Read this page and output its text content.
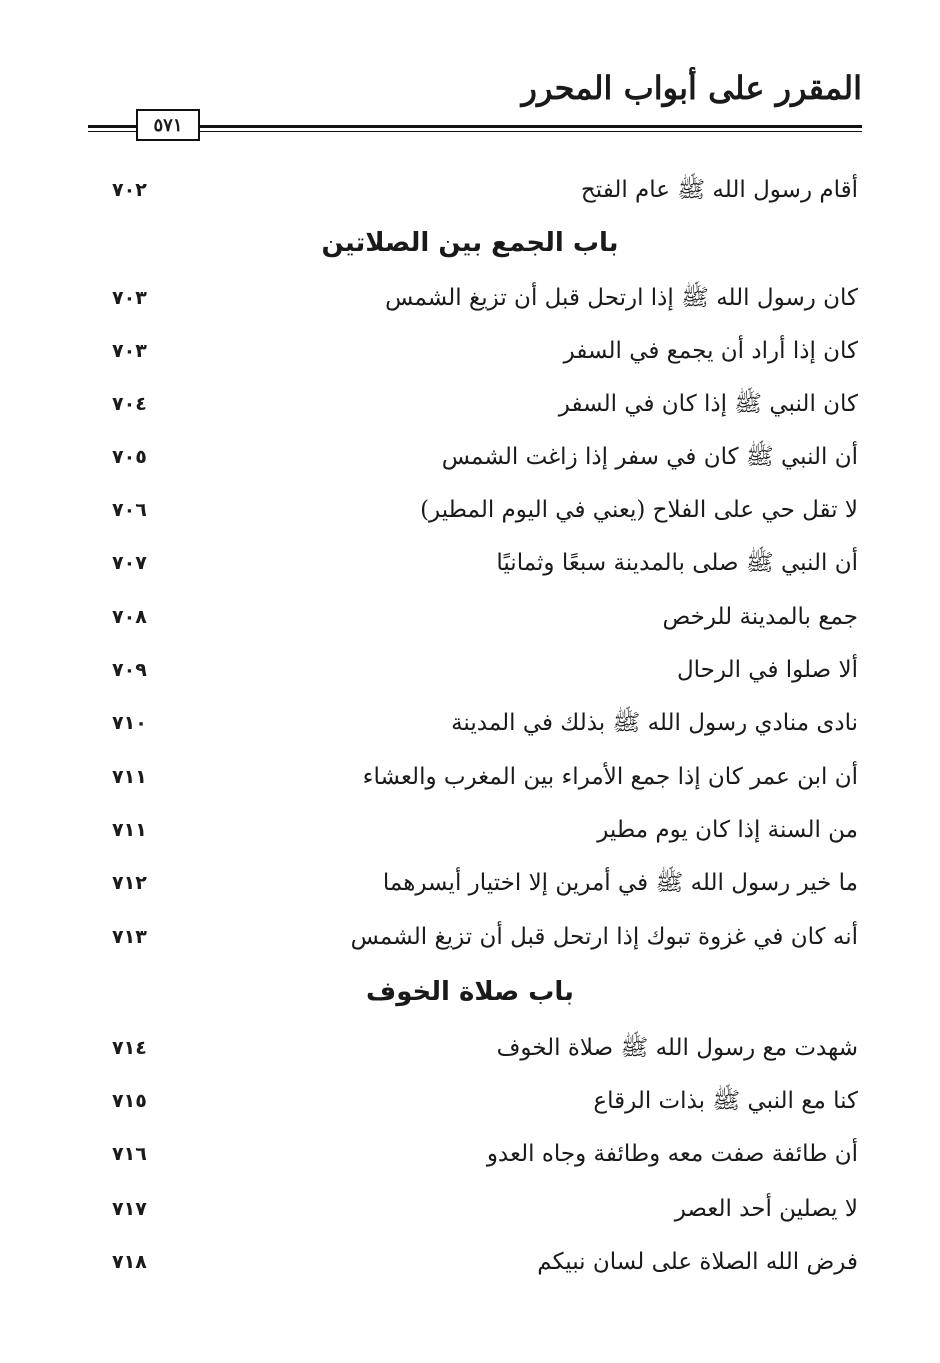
المقرر على أبواب المحرر
٥٧١
أقام رسول الله ﷺ عام الفتح
٧٠٢
باب الجمع بين الصلاتين
كان رسول الله ﷺ إذا ارتحل قبل أن تزيغ الشمس
٧٠٣
كان إذا أراد أن يجمع في السفر
٧٠٣
كان النبي ﷺ إذا كان في السفر
٧٠٤
أن النبي ﷺ كان في سفر إذا زاغت الشمس
٧٠٥
لا تقل حي على الفلاح (يعني في اليوم المطير)
٧٠٦
أن النبي ﷺ صلى بالمدينة سبعًا وثمانيًا
٧٠٧
جمع بالمدينة للرخص
٧٠٨
ألا صلوا في الرحال
٧٠٩
نادى منادي رسول الله ﷺ بذلك في المدينة
٧١٠
أن ابن عمر كان إذا جمع الأمراء بين المغرب والعشاء
٧١١
من السنة إذا كان يوم مطير
٧١١
ما خير رسول الله ﷺ في أمرين إلا اختيار أيسرهما
٧١٢
أنه كان في غزوة تبوك إذا ارتحل قبل أن تزيغ الشمس
٧١٣
باب صلاة الخوف
شهدت مع رسول الله ﷺ صلاة الخوف
٧١٤
كنا مع النبي ﷺ بذات الرقاع
٧١٥
أن طائفة صفت معه وطائفة وجاه العدو
٧١٦
لا يصلين أحد العصر
٧١٧
فرض الله الصلاة على لسان نبيكم
٧١٨
